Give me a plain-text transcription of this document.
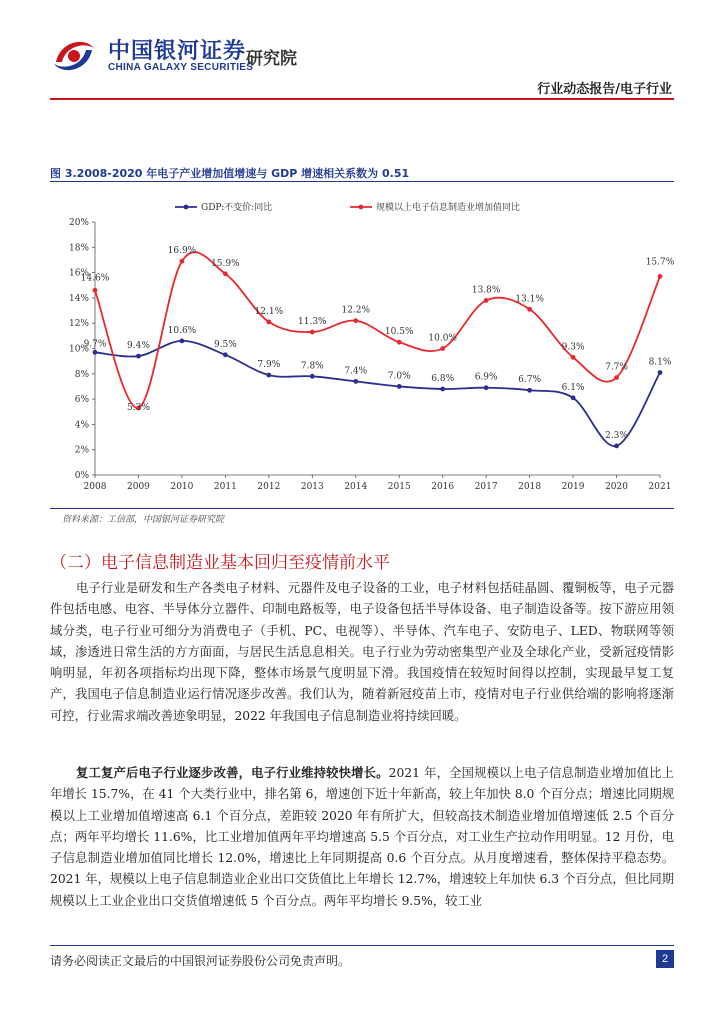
中国银河证券
CHINA GALAXY SECURITIES
研究院
行业动态报告/电子行业
图 3.2008-2020 年电子产业增加值增速与 GDP 增速相关系数为 0.51
0%
2%
4%
6%
8%
10%
12%
14%
16%
18%
20%
2008 2009 2010 2011 2012 2013 2014 2015 2016 2017 2018 2019 2020 2021
9.7% 9.4%
10.6%
9.5%
7.9% 7.8%
7.4%
7.0% 6.8% 6.9% 6.7%
6.1%
2.3%
8.1%
14.6%
5.3%
16.9%
15.9%
12.1%
11.3%
12.2%
10.5%
10.0%
13.8%
13.1%
9.3%
7.7%
15.7%
GDP:不变价:同比	规模以上电子信息制造业增加值同比
资料来源：工信部，中国银河证券研究院
（二）电子信息制造业基本回归至疫情前水平
电子行业是研发和生产各类电子材料、元器件及电子设备的工业，电子材料包括硅晶圆、覆铜板等，电子元器件包括电感、电容、半导体分立器件、印制电路板等，电子设备包括半导体设备、电子制造设备等。按下游应用领域分类，电子行业可细分为消费电子（手机、PC、电视等）、半导体、汽车电子、安防电子、LED、物联网等领域，渗透进日常生活的方方面面，与居民生活息息相关。电子行业为劳动密集型产业及全球化产业，受新冠疫情影响明显，年初各项指标均出现下降，整体市场景气度明显下滑。我国疫情在较短时间得以控制，实现最早复工复产，我国电子信息制造业运行情况逐步改善。我们认为，随着新冠疫苗上市，疫情对电子行业供给端的影响将逐渐可控，行业需求端改善迹象明显，2022 年我国电子信息制造业将持续回暖。
复工复产后电子行业逐步改善，电子行业维持较快增长。2021 年，全国规模以上电子信息制造业增加值比上年增长 15.7%，在 41 个大类行业中，排名第 6，增速创下近十年新高，较上年加快 8.0 个百分点；增速比同期规模以上工业增加值增速高 6.1 个百分点，差距较 2020 年有所扩大，但较高技术制造业增加值增速低 2.5 个百分点；两年平均增长 11.6%，比工业增加值两年平均增速高 5.5 个百分点，对工业生产拉动作用明显。12 月份，电子信息制造业增加值同比增长 12.0%，增速比上年同期提高 0.6 个百分点。从月度增速看，整体保持平稳态势。2021 年，规模以上电子信息制造业企业出口交货值比上年增长 12.7%，增速较上年加快 6.3 个百分点，但比同期规模以上工业企业出口交货值增速低 5 个百分点。两年平均增长 9.5%，较工业
请务必阅读正文最后的中国银河证券股份公司免责声明。	2
